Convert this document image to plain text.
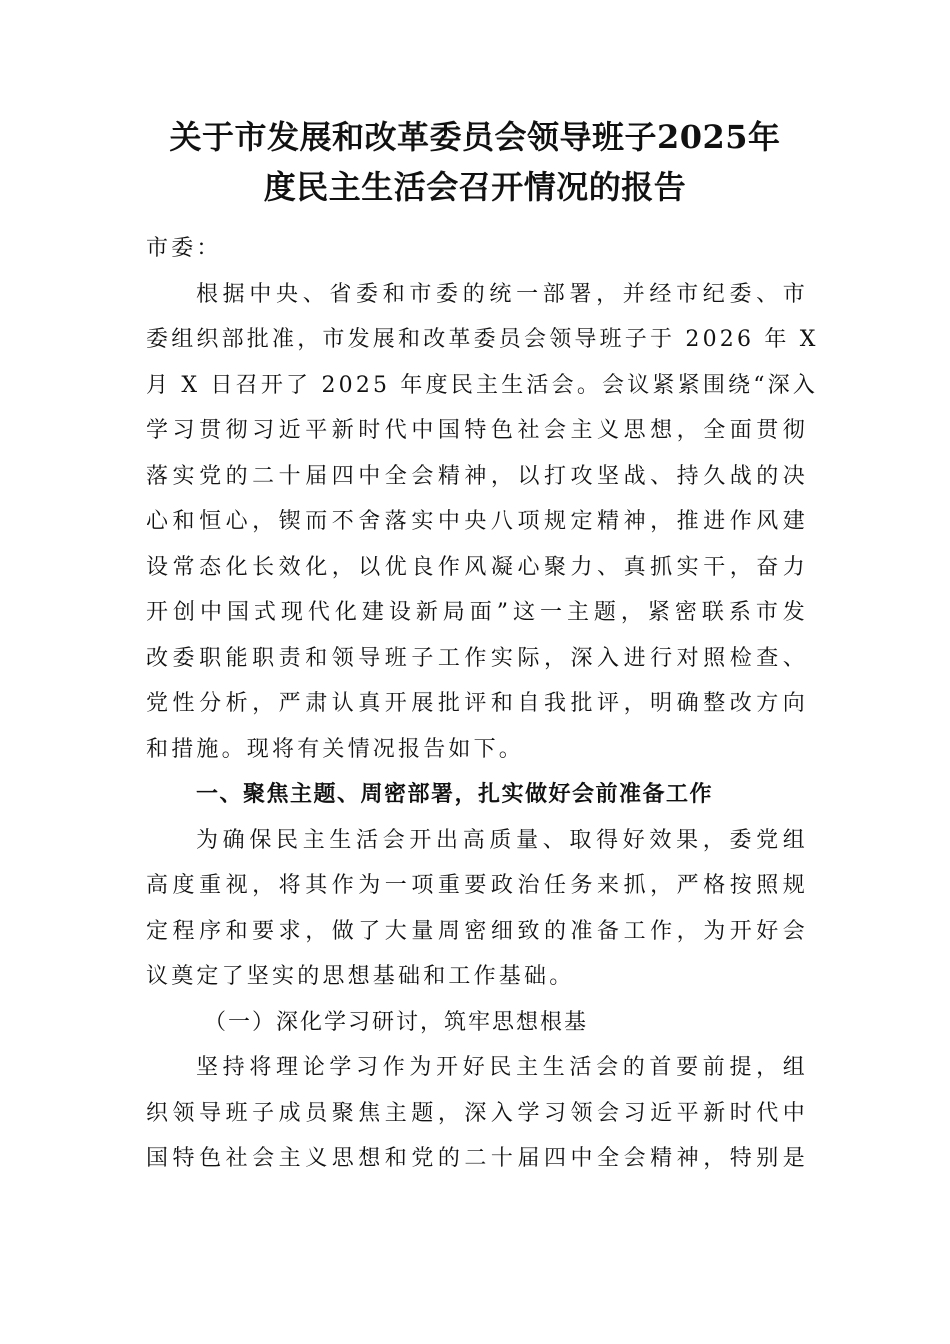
关于市发展和改革委员会领导班子2025年
度民主生活会召开情况的报告
市委：
根据中央、省委和市委的统一部署，并经市纪委、市
委组织部批准，市发展和改革委员会领导班子于 2026 年 X
月 X 日召开了 2025 年度民主生活会。会议紧紧围绕“深入
学习贯彻习近平新时代中国特色社会主义思想，全面贯彻
落实党的二十届四中全会精神，以打攻坚战、持久战的决
心和恒心，锲而不舍落实中央八项规定精神，推进作风建
设常态化长效化，以优良作风凝心聚力、真抓实干，奋力
开创中国式现代化建设新局面”这一主题，紧密联系市发
改委职能职责和领导班子工作实际，深入进行对照检查、
党性分析，严肃认真开展批评和自我批评，明确整改方向
和措施。现将有关情况报告如下。
一、聚焦主题、周密部署，扎实做好会前准备工作
为确保民主生活会开出高质量、取得好效果，委党组
高度重视，将其作为一项重要政治任务来抓，严格按照规
定程序和要求，做了大量周密细致的准备工作，为开好会
议奠定了坚实的思想基础和工作基础。
（一）深化学习研讨，筑牢思想根基
坚持将理论学习作为开好民主生活会的首要前提，组
织领导班子成员聚焦主题，深入学习领会习近平新时代中
国特色社会主义思想和党的二十届四中全会精神，特别是
